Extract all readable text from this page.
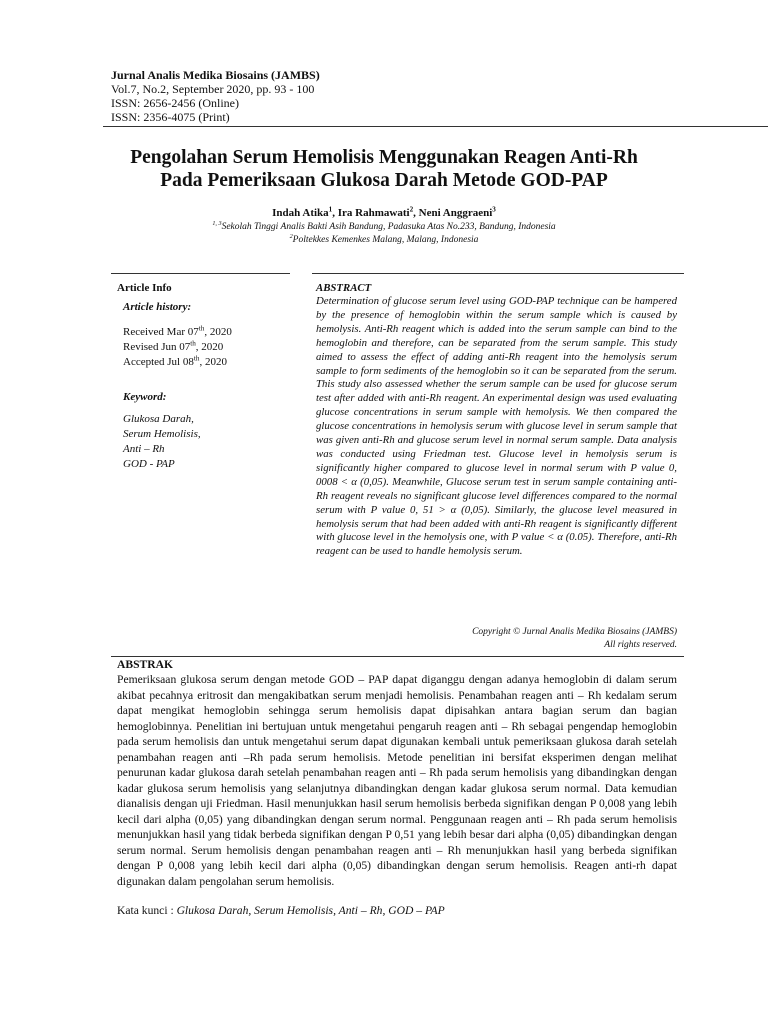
Jurnal Analis Medika Biosains (JAMBS)
Vol.7, No.2, September 2020, pp. 93 - 100
ISSN: 2656-2456 (Online)
ISSN: 2356-4075 (Print)
Pengolahan Serum Hemolisis Menggunakan Reagen Anti-Rh
Pada Pemeriksaan Glukosa Darah Metode GOD-PAP
Indah Atika$^1$, Ira Rahmawati$^2$, Neni Anggraeni$^3$
$^{1, 3}$Sekolah Tinggi Analis Bakti Asih Bandung, Padasuka Atas No.233, Bandung, Indonesia
$^2$Poltekkes Kemenkes Malang, Malang, Indonesia
Article Info
Article history:
Received Mar 07th, 2020
Revised Jun 07th, 2020
Accepted Jul 08th, 2020
Keyword:
Glukosa Darah,
Serum Hemolisis,
Anti – Rh
GOD - PAP
ABSTRACT
Determination of glucose serum level using GOD-PAP technique can be hampered by the presence of hemoglobin within the serum sample which is caused by hemolysis. Anti-Rh reagent which is added into the serum sample can bind to the hemoglobin and therefore, can be separated from the serum sample. This study aimed to assess the effect of adding anti-Rh reagent into the hemolysis serum sample to form sediments of the hemoglobin so it can be separated from the serum. This study also assessed whether the serum sample can be used for glucose serum test after added with anti-Rh reagent. An experimental design was used evaluating glucose concentrations in serum sample with hemolysis. We then compared the glucose concentrations in hemolysis serum with glucose level in serum sample that was given anti-Rh and glucose serum level in normal serum sample. Data analysis was conducted using Friedman test. Glucose level in hemolysis serum is significantly higher compared to glucose level in normal serum with P value 0, 0008 < α (0,05). Meanwhile, Glucose serum test in serum sample containing anti-Rh reagent reveals no significant glucose level differences compared to the normal serum with P value 0, 51 > α (0,05). Similarly, the glucose level measured in hemolysis serum that had been added with anti-Rh reagent is significantly different with glucose level in the hemolysis one, with P value < α (0.05). Therefore, anti-Rh reagent can be used to handle hemolysis serum.
Copyright © Jurnal Analis Medika Biosains (JAMBS)
All rights reserved.
ABSTRAK
Pemeriksaan glukosa serum dengan metode GOD – PAP dapat diganggu dengan adanya hemoglobin di dalam serum akibat pecahnya eritrosit dan mengakibatkan serum menjadi hemolisis. Penambahan reagen anti – Rh kedalam serum dapat mengikat hemoglobin sehingga serum hemolisis dapat dipisahkan antara bagian serum dan bagian hemoglobinnya. Penelitian ini bertujuan untuk mengetahui pengaruh reagen anti – Rh sebagai pengendap hemoglobin pada serum hemolisis dan untuk mengetahui serum dapat digunakan kembali untuk pemeriksaan glukosa darah setelah penambahan reagen anti –Rh pada serum hemolisis. Metode penelitian ini bersifat eksperimen dengan melihat penurunan kadar glukosa darah setelah penambahan reagen anti – Rh pada serum hemolisis yang dibandingkan dengan kadar glukosa serum hemolisis yang selanjutnya dibandingkan dengan kadar glukosa serum normal. Data kemudian dianalisis dengan uji Friedman. Hasil menunjukkan hasil serum hemolisis berbeda signifikan dengan P 0,008 yang lebih kecil dari alpha (0,05) yang dibandingkan dengan serum normal. Penggunaan reagen anti – Rh pada serum hemolisis menunjukkan hasil yang tidak berbeda signifikan dengan P 0,51 yang lebih besar dari alpha (0,05) dibandingkan dengan serum normal. Serum hemolisis dengan penambahan reagen anti – Rh menunjukkan hasil yang berbeda signifikan dengan P 0,008 yang lebih kecil dari alpha (0,05) dibandingkan dengan serum hemolisis. Reagen anti-rh dapat digunakan dalam pengolahan serum hemolisis.
Kata kunci : Glukosa Darah, Serum Hemolisis, Anti – Rh, GOD – PAP
